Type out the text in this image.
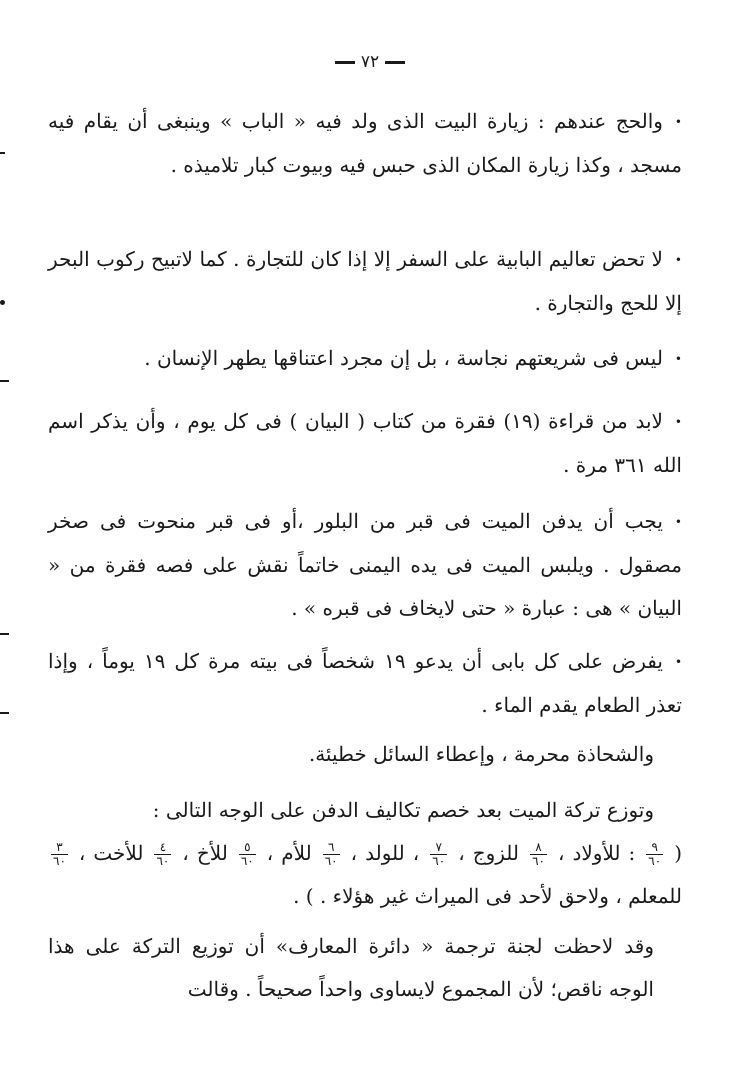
٧٢

•والحج عندهم : زيارة البيت الذى ولد فيه « الباب » وينبغى أن يقام فيه مسجد ، وكذا زيارة المكان الذى حبس فيه وبيوت كبار تلاميذه .

•لا تحض تعاليم البابية على السفر إلا إذا كان للتجارة . كما لاتبيح ركوب البحر إلا للحج والتجارة .

•ليس فى شريعتهم نجاسة ، بل إن مجرد اعتناقها يطهر الإنسان .

•لابد من قراءة (١٩) فقرة من كتاب ( البيان ) فى كل يوم ، وأن يذكر اسم الله ٣٦١ مرة .

•يجب أن يدفن الميت فى قبر من البلور ،أو فى قبر منحوت فى صخر مصقول . ويلبس الميت فى يده اليمنى خاتماً نقش على فصه فقرة من « البيان » هى : عبارة « حتى لايخاف فى قبره » .

•يفرض على كل بابى أن يدعو ١٩ شخصاً فى بيته مرة كل ١٩ يوماً ، وإذا تعذر الطعام يقدم الماء .

والشحاذة محرمة ، وإعطاء السائل خطيئة.

وتوزع تركة الميت بعد خصم تكاليف الدفن على الوجه التالى :

(
$\frac{٩}{٦٠}$
: للأولاد ،
$\frac{٨}{٦٠}$
للزوج ،
$\frac{٧}{٦٠}$
، للولد ،
$\frac{٦}{٦٠}$
للأم ،
$\frac{٥}{٦٠}$
للأخ ،
$\frac{٤}{٦٠}$
للأخت ،
$\frac{٣}{٦٠}$
للمعلم ، ولاحق لأحد فى الميراث غير هؤلاء . ) .

وقد لاحظت لجنة ترجمة « دائرة المعارف» أن توزيع التركة على هذا الوجه ناقص؛ لأن المجموع لايساوى واحداً صحيحاً . وقالت
